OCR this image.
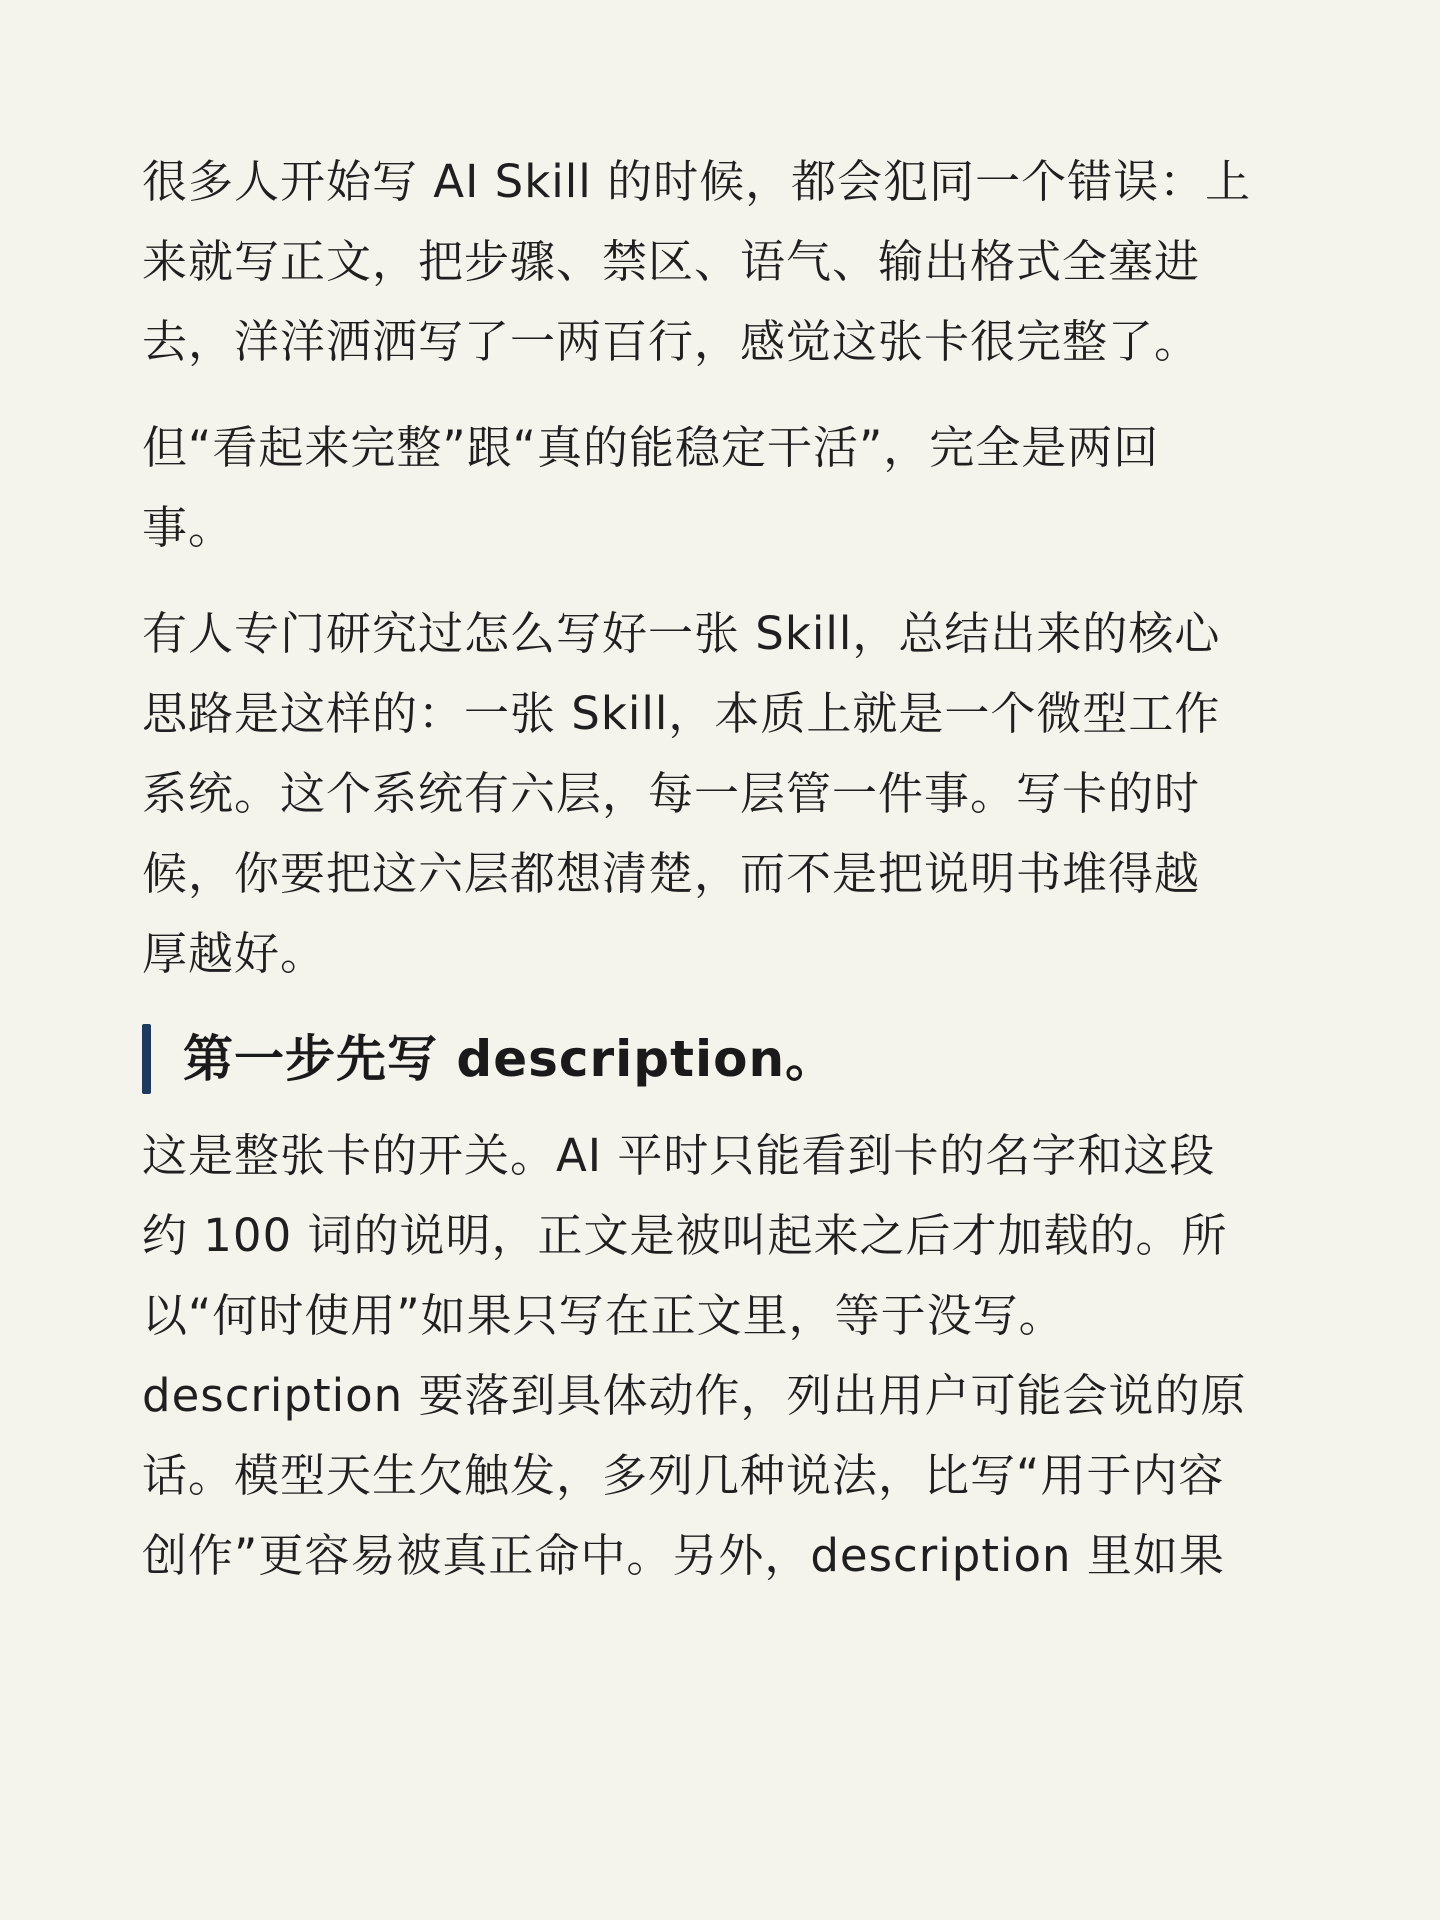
很多人开始写 AI Skill 的时候，都会犯同一个错误：上
来就写正文，把步骤、禁区、语气、输出格式全塞进
去，洋洋洒洒写了一两百行，感觉这张卡很完整了。
但“看起来完整”跟“真的能稳定干活”，完全是两回
事。
有人专门研究过怎么写好一张 Skill，总结出来的核心
思路是这样的：一张 Skill，本质上就是一个微型工作
系统。这个系统有六层，每一层管一件事。写卡的时
候，你要把这六层都想清楚，而不是把说明书堆得越
厚越好。
第一步先写 description。
这是整张卡的开关。AI 平时只能看到卡的名字和这段
约 100 词的说明，正文是被叫起来之后才加载的。所
以“何时使用”如果只写在正文里，等于没写。
description 要落到具体动作，列出用户可能会说的原
话。模型天生欠触发，多列几种说法，比写“用于内容
创作”更容易被真正命中。另外，description 里如果
